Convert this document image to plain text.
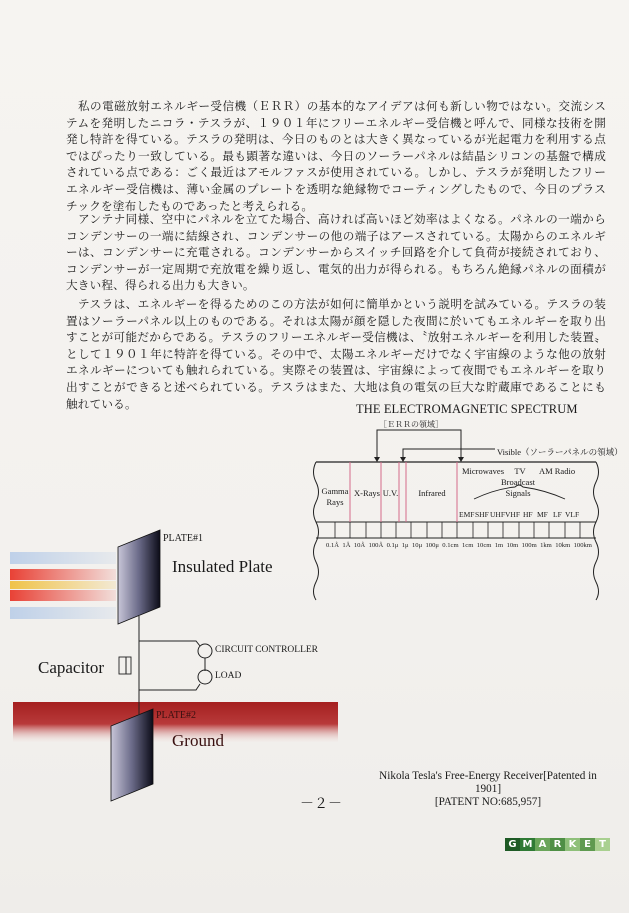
私の電磁放射エネルギー受信機（ＥＲＲ）の基本的なアイデアは何も新しい物ではない。交流システムを発明したニコラ・テスラが、１９０１年にフリーエネルギー受信機と呼んで、同様な技術を開発し特許を得ている。テスラの発明は、今日のものとは大きく異なっているが光起電力を利用する点ではぴったり一致している。最も顕著な違いは、今日のソーラーパネルは結晶シリコンの基盤で構成されている点である：ごく最近はアモルファスが使用されている。しかし、テスラが発明したフリーエネルギー受信機は、薄い金属のプレートを透明な絶縁物でコーティングしたもので、今日のプラスチックを塗布したものであったと考えられる。

アンテナ同様、空中にパネルを立てた場合、高ければ高いほど効率はよくなる。パネルの一端からコンデンサーの一端に結線され、コンデンサーの他の端子はアースされている。太陽からのエネルギーは、コンデンサーに充電される。コンデンサーからスイッチ回路を介して負荷が接続されており、コンデンサーが一定周期で充放電を繰り返し、電気的出力が得られる。もちろん絶縁パネルの面積が大きい程、得られる出力も大きい。

テスラは、エネルギーを得るためのこの方法が如何に簡単かという説明を試みている。テスラの装置はソーラーパネル以上のものである。それは太陽が顔を隠した夜間に於いてもエネルギーを取り出すことが可能だからである。テスラのフリーエネルギー受信機は、〝放射エネルギーを利用した装置〟として１９０１年に特許を得ている。その中で、太陽エネルギーだけでなく宇宙線のような他の放射エネルギーについても触れられている。実際その装置は、宇宙線によって夜間でもエネルギーを取り出すことができると述べられている。テスラはまた、大地は負の電気の巨大な貯蔵庫であることにも触れている。	THE ELECTROMAGNETIC SPECTRUM
［ＥＲＲの領域］
Visible（ソーラーパネルの領域）
Gamma Rays
X-Rays U.V.	Infrared
Microwaves	TV	AM Radio
Broadcast Signals
EMF SHF UHF VHF HF MF LF VLF
0.1Å 1Å 10Å 100Å 0.1μ 1μ 10μ 100μ 0.1cm 1cm 10cm 1m 10m 100m 1km 10km 100km
PLATE#1
Insulated Plate
Capacitor
CIRCUIT CONTROLLER
LOAD
PLATE#2
Ground
Nikola Tesla's Free-Energy Receiver[Patented in 1901]
[PATENT NO:685,957]
－２－
G M A R K E T
